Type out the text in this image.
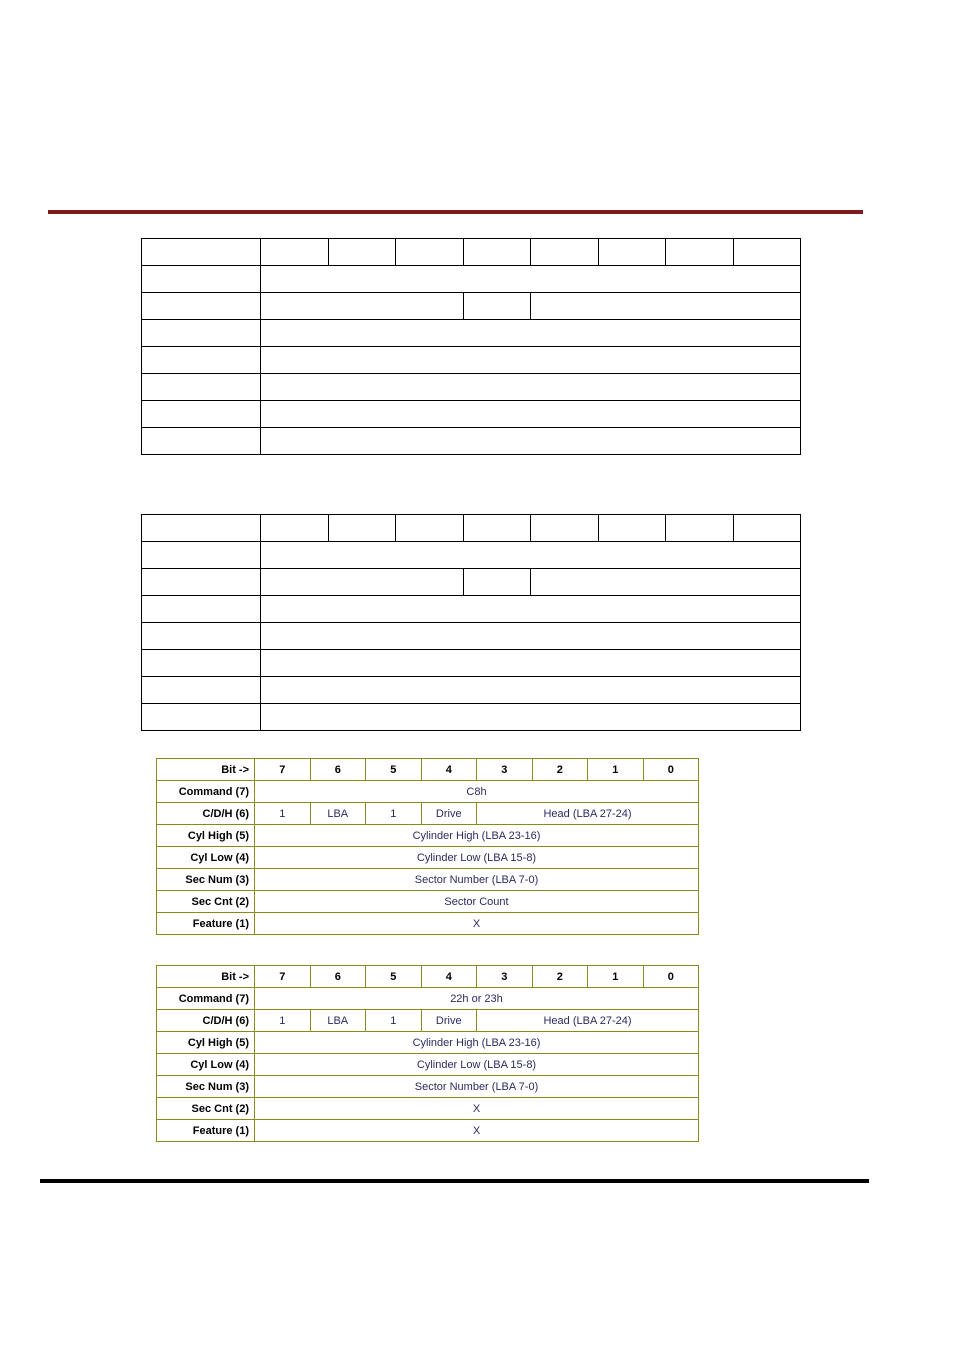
Bit ->	7	6	5	4	3	2	1	0
Command (7)	C8h							
C/D/H (6)	1	LBA	1	Drive	Head (LBA 27-24)			
Cyl High (5)	Cylinder High (LBA 23-16)							
Cyl Low (4)	Cylinder Low (LBA 15-8)							
Sec Num (3)	Sector Number (LBA 7-0)							
Sec Cnt (2)	Sector Count							
Feature (1)	X							
Bit ->	7	6	5	4	3	2	1	0
Command (7)	22h or 23h							
C/D/H (6)	1	LBA	1	Drive	Head (LBA 27-24)			
Cyl High (5)	Cylinder High (LBA 23-16)							
Cyl Low (4)	Cylinder Low (LBA 15-8)							
Sec Num (3)	Sector Number (LBA 7-0)							
Sec Cnt (2)	X							
Feature (1)	X							
